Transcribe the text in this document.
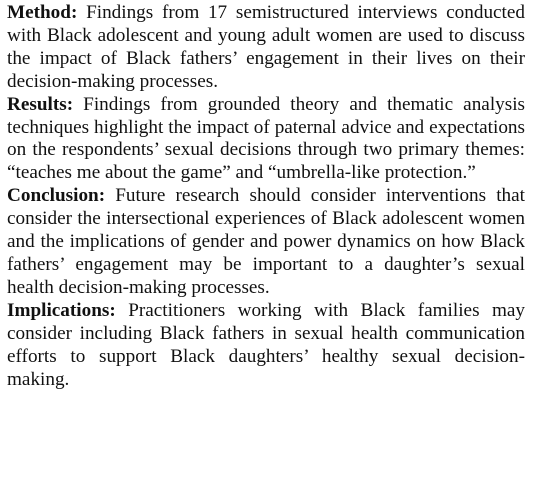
Method: Findings from 17 semistructured interviews conducted with Black adolescent and young adult women are used to discuss the impact of Black fathers’ engagement in their lives on their decision-making processes.

Results: Findings from grounded theory and thematic analysis techniques highlight the impact of paternal advice and expectations on the respondents’ sexual decisions through two primary themes: “teaches me about the game” and “umbrella-like protection.”

Conclusion: Future research should consider interventions that consider the intersectional experiences of Black adolescent women and the implications of gender and power dynamics on how Black fathers’ engagement may be important to a daughter’s sexual health decision-making processes.

Implications: Practitioners working with Black families may consider including Black fathers in sexual health communication efforts to support Black daughters’ healthy sexual decision-making.
